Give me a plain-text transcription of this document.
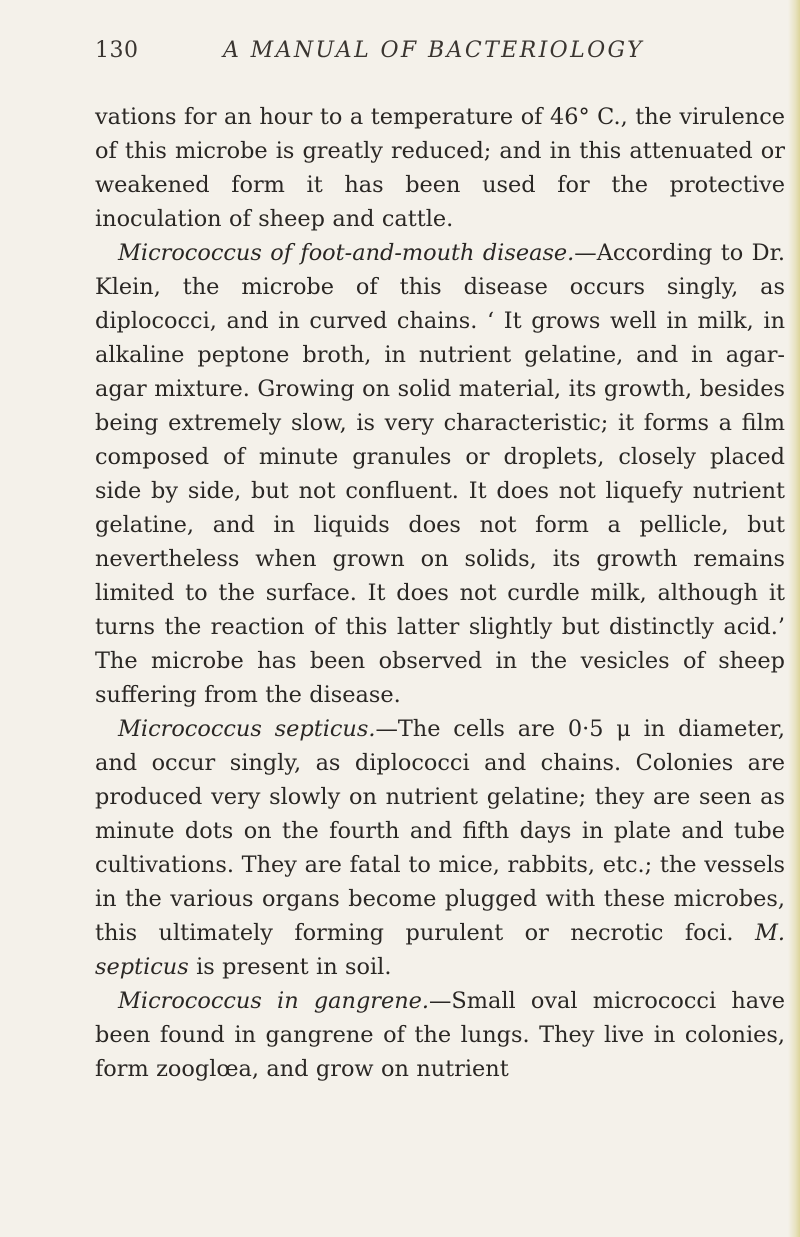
130	A MANUAL OF BACTERIOLOGY

vations for an hour to a temperature of 46° C., the virulence of this microbe is greatly reduced; and in this attenuated or weakened form it has been used for the protective inoculation of sheep and cattle.

Micrococcus of foot-and-mouth disease.—According to Dr. Klein, the microbe of this disease occurs singly, as diplococci, and in curved chains. ‘ It grows well in milk, in alkaline peptone broth, in nutrient gelatine, and in agar-agar mixture. Growing on solid material, its growth, besides being extremely slow, is very characteristic; it forms a film composed of minute granules or droplets, closely placed side by side, but not confluent. It does not liquefy nutrient gelatine, and in liquids does not form a pellicle, but nevertheless when grown on solids, its growth remains limited to the surface. It does not curdle milk, although it turns the reaction of this latter slightly but distinctly acid.’ The microbe has been observed in the vesicles of sheep suffering from the disease.

Micrococcus septicus.—The cells are 0·5 μ in diameter, and occur singly, as diplococci and chains. Colonies are produced very slowly on nutrient gelatine; they are seen as minute dots on the fourth and fifth days in plate and tube cultivations. They are fatal to mice, rabbits, etc.; the vessels in the various organs become plugged with these microbes, this ultimately forming purulent or necrotic foci. M. septicus is present in soil.

Micrococcus in gangrene.—Small oval micrococci have been found in gangrene of the lungs. They live in colonies, form zooglœa, and grow on nutrient
